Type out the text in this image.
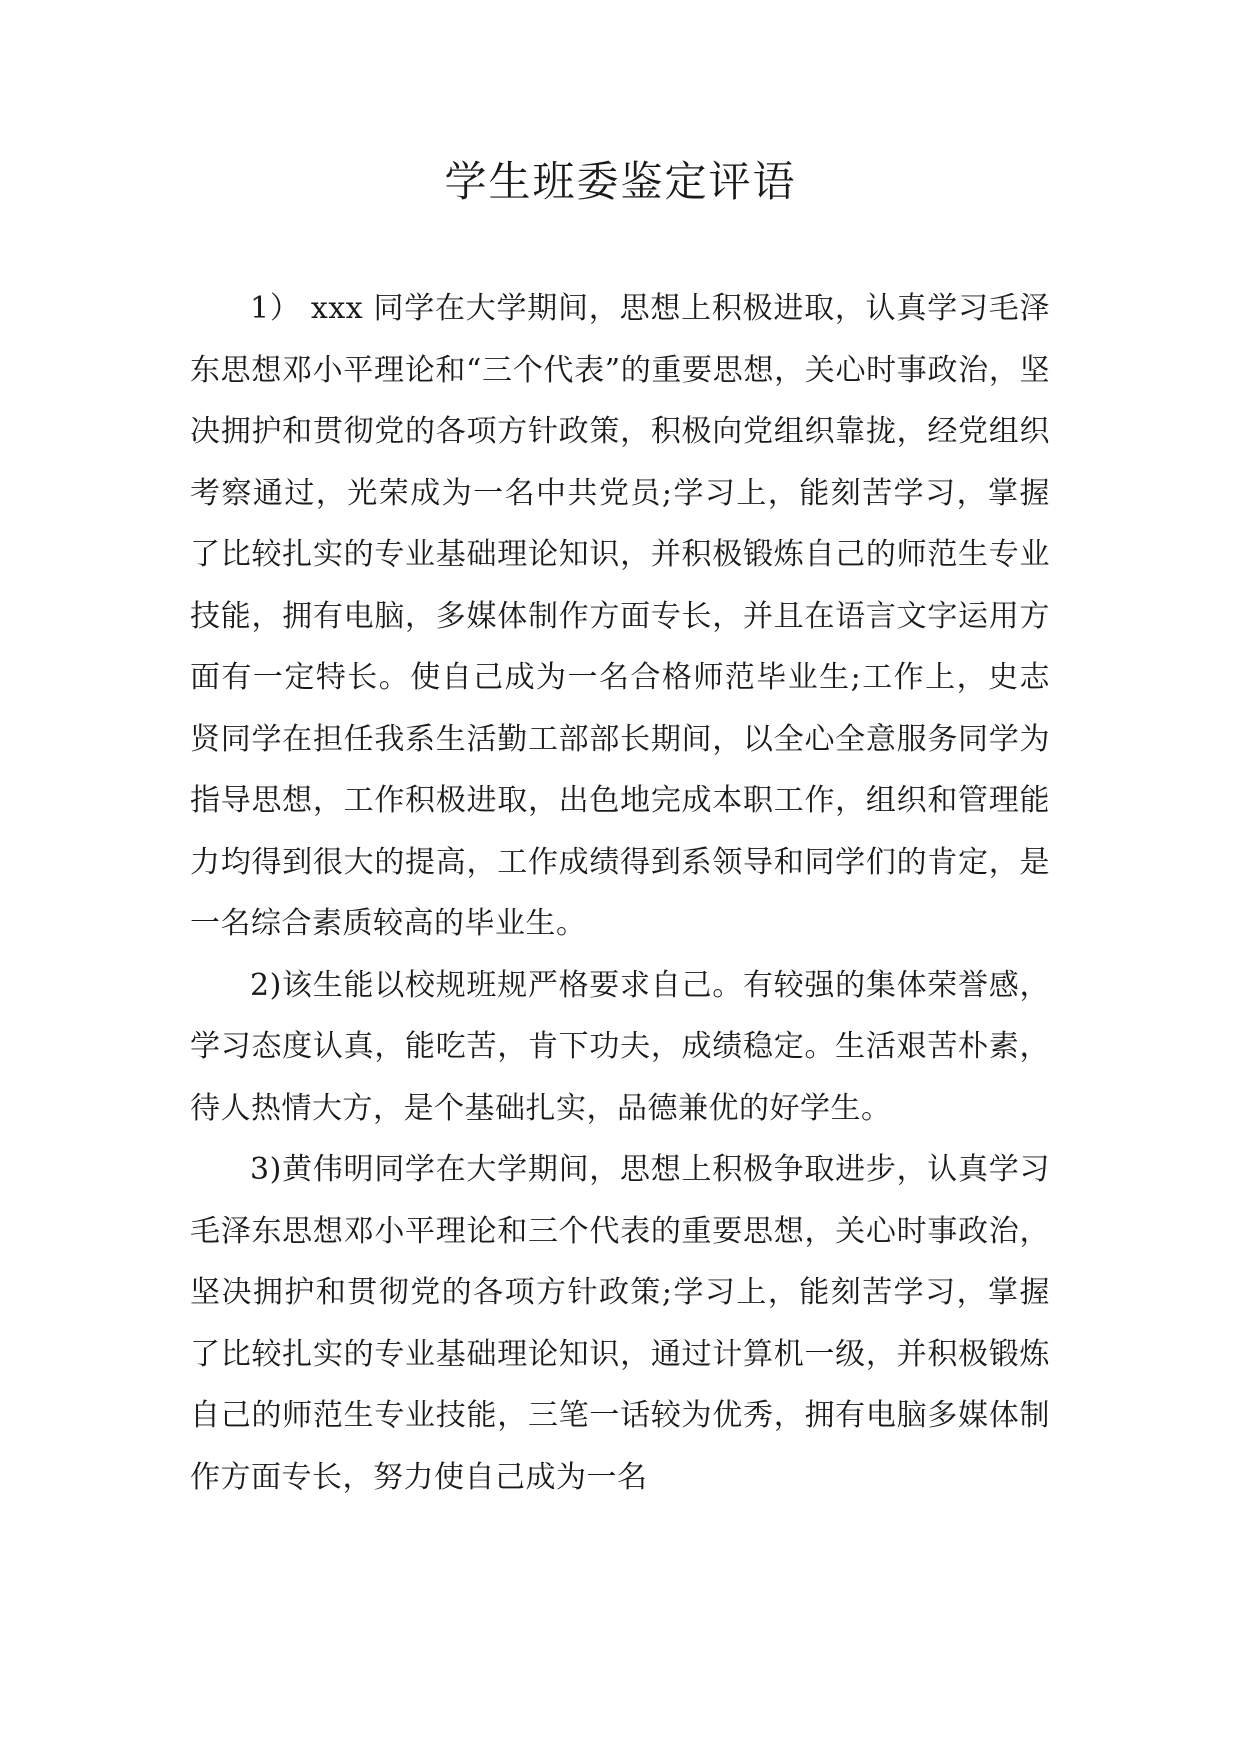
学生班委鉴定评语

1） xxx 同学在大学期间，思想上积极进取，认真学习毛泽东思想邓小平理论和“三个代表”的重要思想，关心时事政治，坚决拥护和贯彻党的各项方针政策，积极向党组织靠拢，经党组织考察通过，光荣成为一名中共党员;学习上，能刻苦学习，掌握了比较扎实的专业基础理论知识，并积极锻炼自己的师范生专业技能，拥有电脑，多媒体制作方面专长，并且在语言文字运用方面有一定特长。使自己成为一名合格师范毕业生;工作上，史志贤同学在担任我系生活勤工部部长期间，以全心全意服务同学为指导思想，工作积极进取，出色地完成本职工作，组织和管理能力均得到很大的提高，工作成绩得到系领导和同学们的肯定，是一名综合素质较高的毕业生。

2)该生能以校规班规严格要求自己。有较强的集体荣誉感，学习态度认真，能吃苦，肯下功夫，成绩稳定。生活艰苦朴素，待人热情大方，是个基础扎实，品德兼优的好学生。

3)黄伟明同学在大学期间，思想上积极争取进步，认真学习毛泽东思想邓小平理论和三个代表的重要思想，关心时事政治，坚决拥护和贯彻党的各项方针政策;学习上，能刻苦学习，掌握了比较扎实的专业基础理论知识，通过计算机一级，并积极锻炼自己的师范生专业技能，三笔一话较为优秀，拥有电脑多媒体制作方面专长，努力使自己成为一名
